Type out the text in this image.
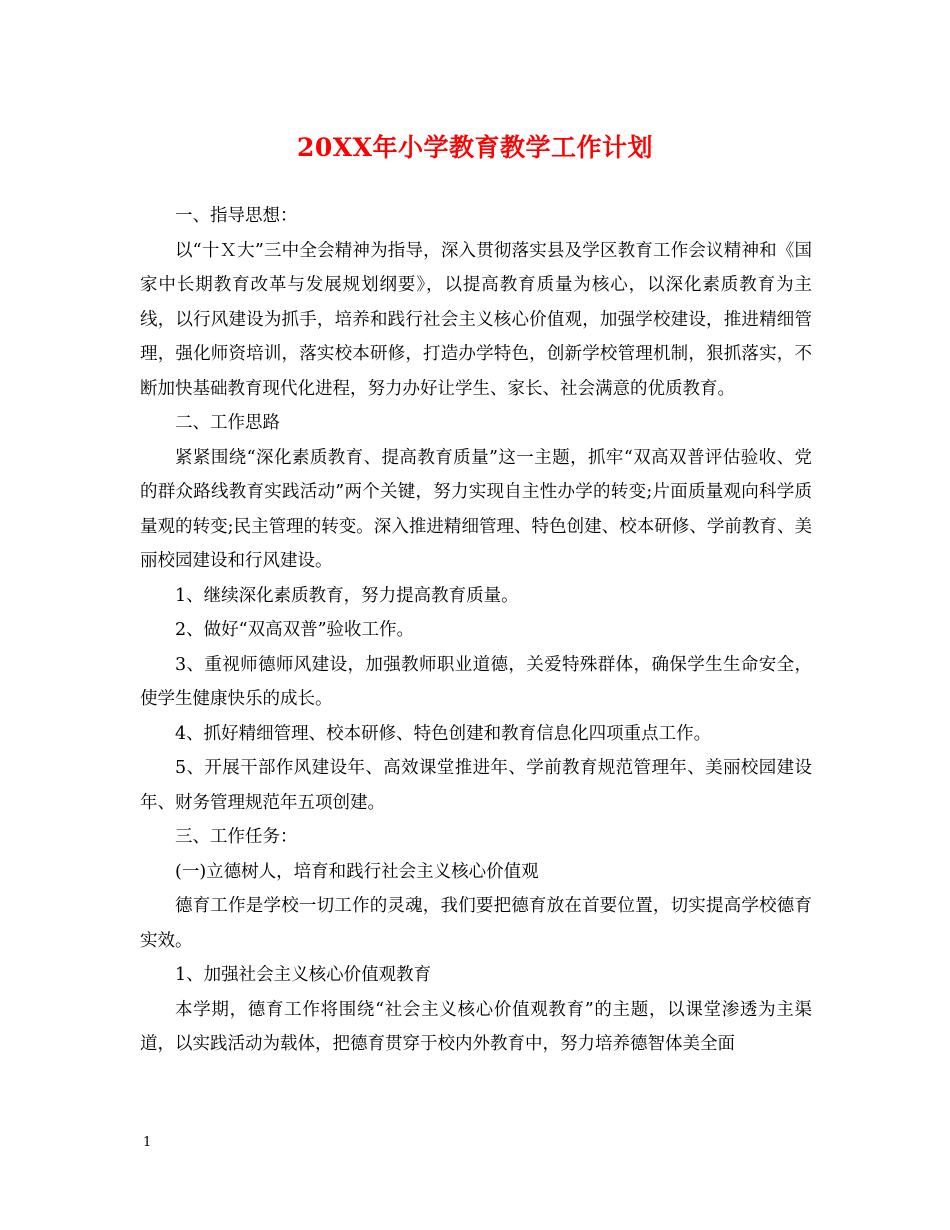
20XX年小学教育教学工作计划

一、指导思想：

以“十Ｘ大”三中全会精神为指导，深入贯彻落实县及学区教育工作会议精神和《国家中长期教育改革与发展规划纲要》，以提高教育质量为核心，以深化素质教育为主线，以行风建设为抓手，培养和践行社会主义核心价值观，加强学校建设，推进精细管理，强化师资培训，落实校本研修，打造办学特色，创新学校管理机制，狠抓落实，不断加快基础教育现代化进程，努力办好让学生、家长、社会满意的优质教育。

二、工作思路

紧紧围绕“深化素质教育、提高教育质量”这一主题，抓牢“双高双普评估验收、党的群众路线教育实践活动”两个关键，努力实现自主性办学的转变;片面质量观向科学质量观的转变;民主管理的转变。深入推进精细管理、特色创建、校本研修、学前教育、美丽校园建设和行风建设。

1、继续深化素质教育，努力提高教育质量。

2、做好“双高双普”验收工作。

3、重视师德师风建设，加强教师职业道德，关爱特殊群体，确保学生生命安全，使学生健康快乐的成长。

4、抓好精细管理、校本研修、特色创建和教育信息化四项重点工作。

5、开展干部作风建设年、高效课堂推进年、学前教育规范管理年、美丽校园建设年、财务管理规范年五项创建。

三、工作任务：

(一)立德树人，培育和践行社会主义核心价值观

德育工作是学校一切工作的灵魂，我们要把德育放在首要位置，切实提高学校德育实效。

1、加强社会主义核心价值观教育

本学期，德育工作将围绕“社会主义核心价值观教育”的主题，以课堂渗透为主渠道，以实践活动为载体，把德育贯穿于校内外教育中，努力培养德智体美全面

1
